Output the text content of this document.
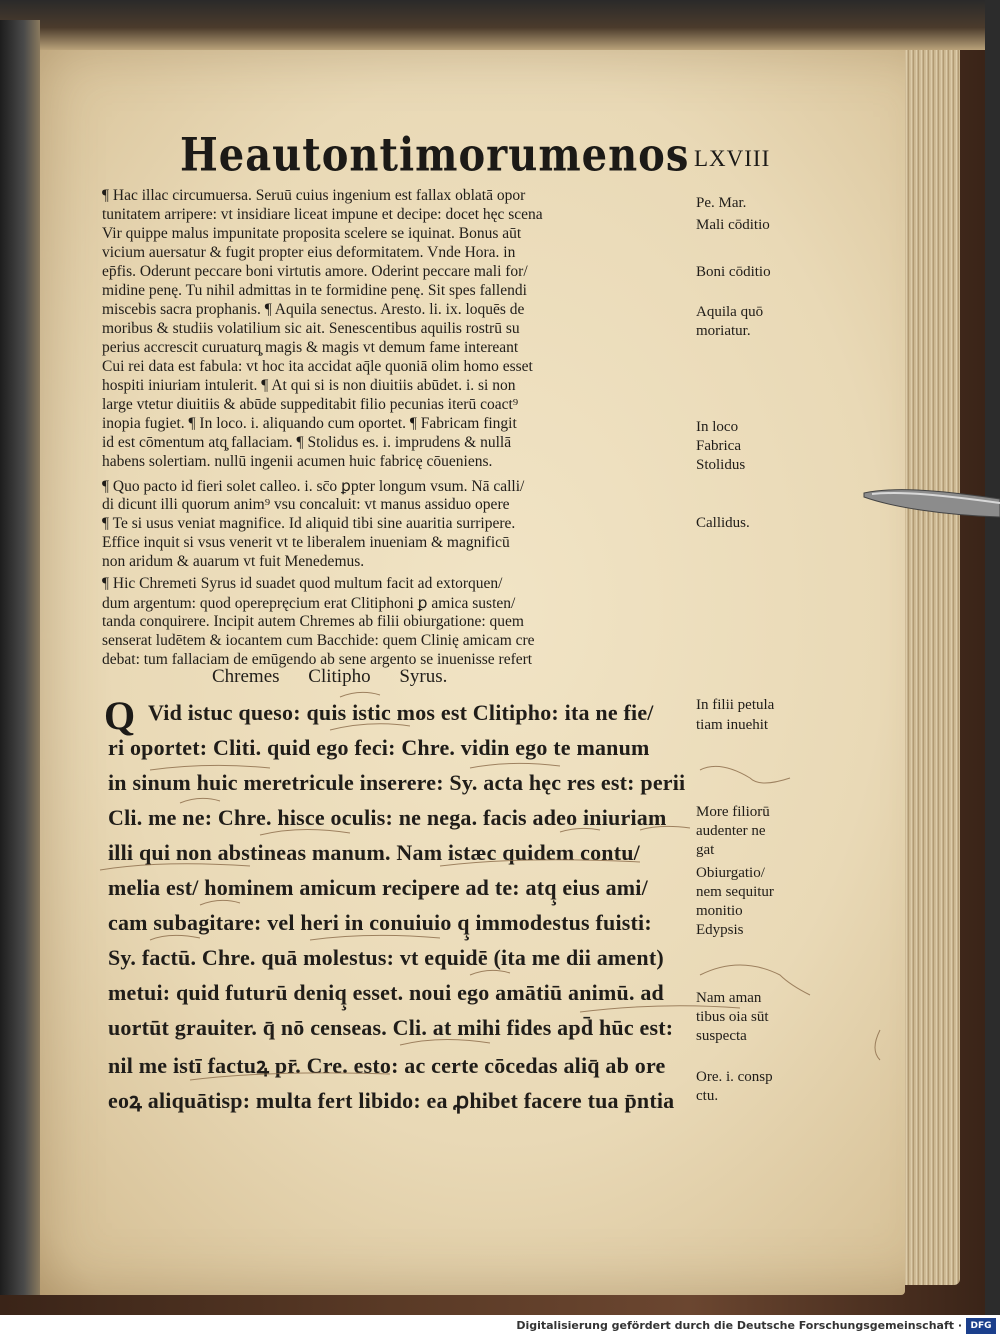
Heautontimorumenos LXVIII
¶ Hac illac circumuersa. Seruū cuius ingenium est fallax oblatā opor
tunitatem arripere: vt insidiare liceat impune et decipe: docet hęc scena
Vir quippe malus impunitate proposita scelere se iquinat. Bonus aūt
vicium auersatur & fugit propter eius deformitatem. Vnde Hora. in
ep̄fis. Oderunt peccare boni virtutis amore. Oderint peccare mali for/
midine penę. Tu nihil admittas in te formidine penę. Sit spes fallendi
miscebis sacra prophanis. ¶ Aquila senectus. Aresto. li. ix. loquēs de
moribus & studiis volatilium sic ait. Senescentibus aquilis rostrū su
perius accrescit curuaturq̧ magis & magis vt demum fame intereant
Cui rei data est fabula: vt hoc ita accidat aq̄le quoniā olim homo esset
hospiti iniuriam intulerit. ¶ At qui si is non diuitiis abūdet. i. si non
large vtetur diuitiis & abūde suppeditabit filio pecunias iterū coact⁹
inopia fugiet. ¶ In loco. i. aliquando cum oportet. ¶ Fabricam fingit
id est cōmentum atq̧ fallaciam. ¶ Stolidus es. i. imprudens & nullā
habens solertiam. nullū ingenii acumen huic fabricę cōueniens.
¶ Quo pacto id fieri solet calleo. i. sc̄o ꝑpter longum vsum. Nā calli/
di dicunt illi quorum anim⁹ vsu concaluit: vt manus assiduo opere
¶ Te si usus veniat magnifice. Id aliquid tibi sine auaritia surripere.
Effice inquit si vsus venerit vt te liberalem inueniam & magnificū
non aridum & auarum vt fuit Menedemus.
¶ Hic Chremeti Syrus id suadet quod multum facit ad extorquen/
dum argentum: quod operepręcium erat Clitiphoni ꝑ amica susten/
tanda conquirere. Incipit autem Chremes ab filii obiurgatione: quem
senserat ludētem & iocantem cum Bacchide: quem Clinię amicam cre
debat: tum fallaciam de emūgendo ab sene argento se inuenisse refert
Chremes Clitipho Syrus.
Q Vid istuc queso: quis istic mos est Clitipho: ita ne fie/
ri oportet: Cliti. quid ego feci: Chre. vidin ego te manum
in sinum huic meretricule inserere: Sy. acta hęc res est: perii
Cli. me ne: Chre. hisce oculis: ne nega. facis adeo iniuriam
illi qui non abstineas manum. Nam istæc quidem contu/
melia est/ hominem amicum recipere ad te: atq̧ eius ami/
cam subagitare: vel heri in conuiuio q̧ immodestus fuisti:
Sy. factū. Chre. quā molestus: vt equidē (ita me dii ament)
metui: quid futurū deniq̧ esset. noui ego amātiū animū. ad
uortūt grauiter. q̄ nō censeas. Cli. at mihi fides apd̄ hūc est:
nil me istī factuꝝ pr̄. Cre. esto: ac certe cōcedas aliq̄ ab ore
eoꝝ aliquātisp: multa fert libido: ea ꝓhibet facere tua p̄ntia
Pe. Mar.
Mali cōditio
Boni cōditio
Aquila quō
moriatur.
In loco
Fabrica
Stolidus
Callidus.
In filii petula
tiam inuehit
More filiorū
audenter ne
gat
Obiurgatio/
nem sequitur
monitio
Edypsis
Nam aman
tibus oia sūt
suspecta
Ore. i. consp
ctu.
Digitalisierung gefördert durch die Deutsche Forschungsgemeinschaft · DFG
